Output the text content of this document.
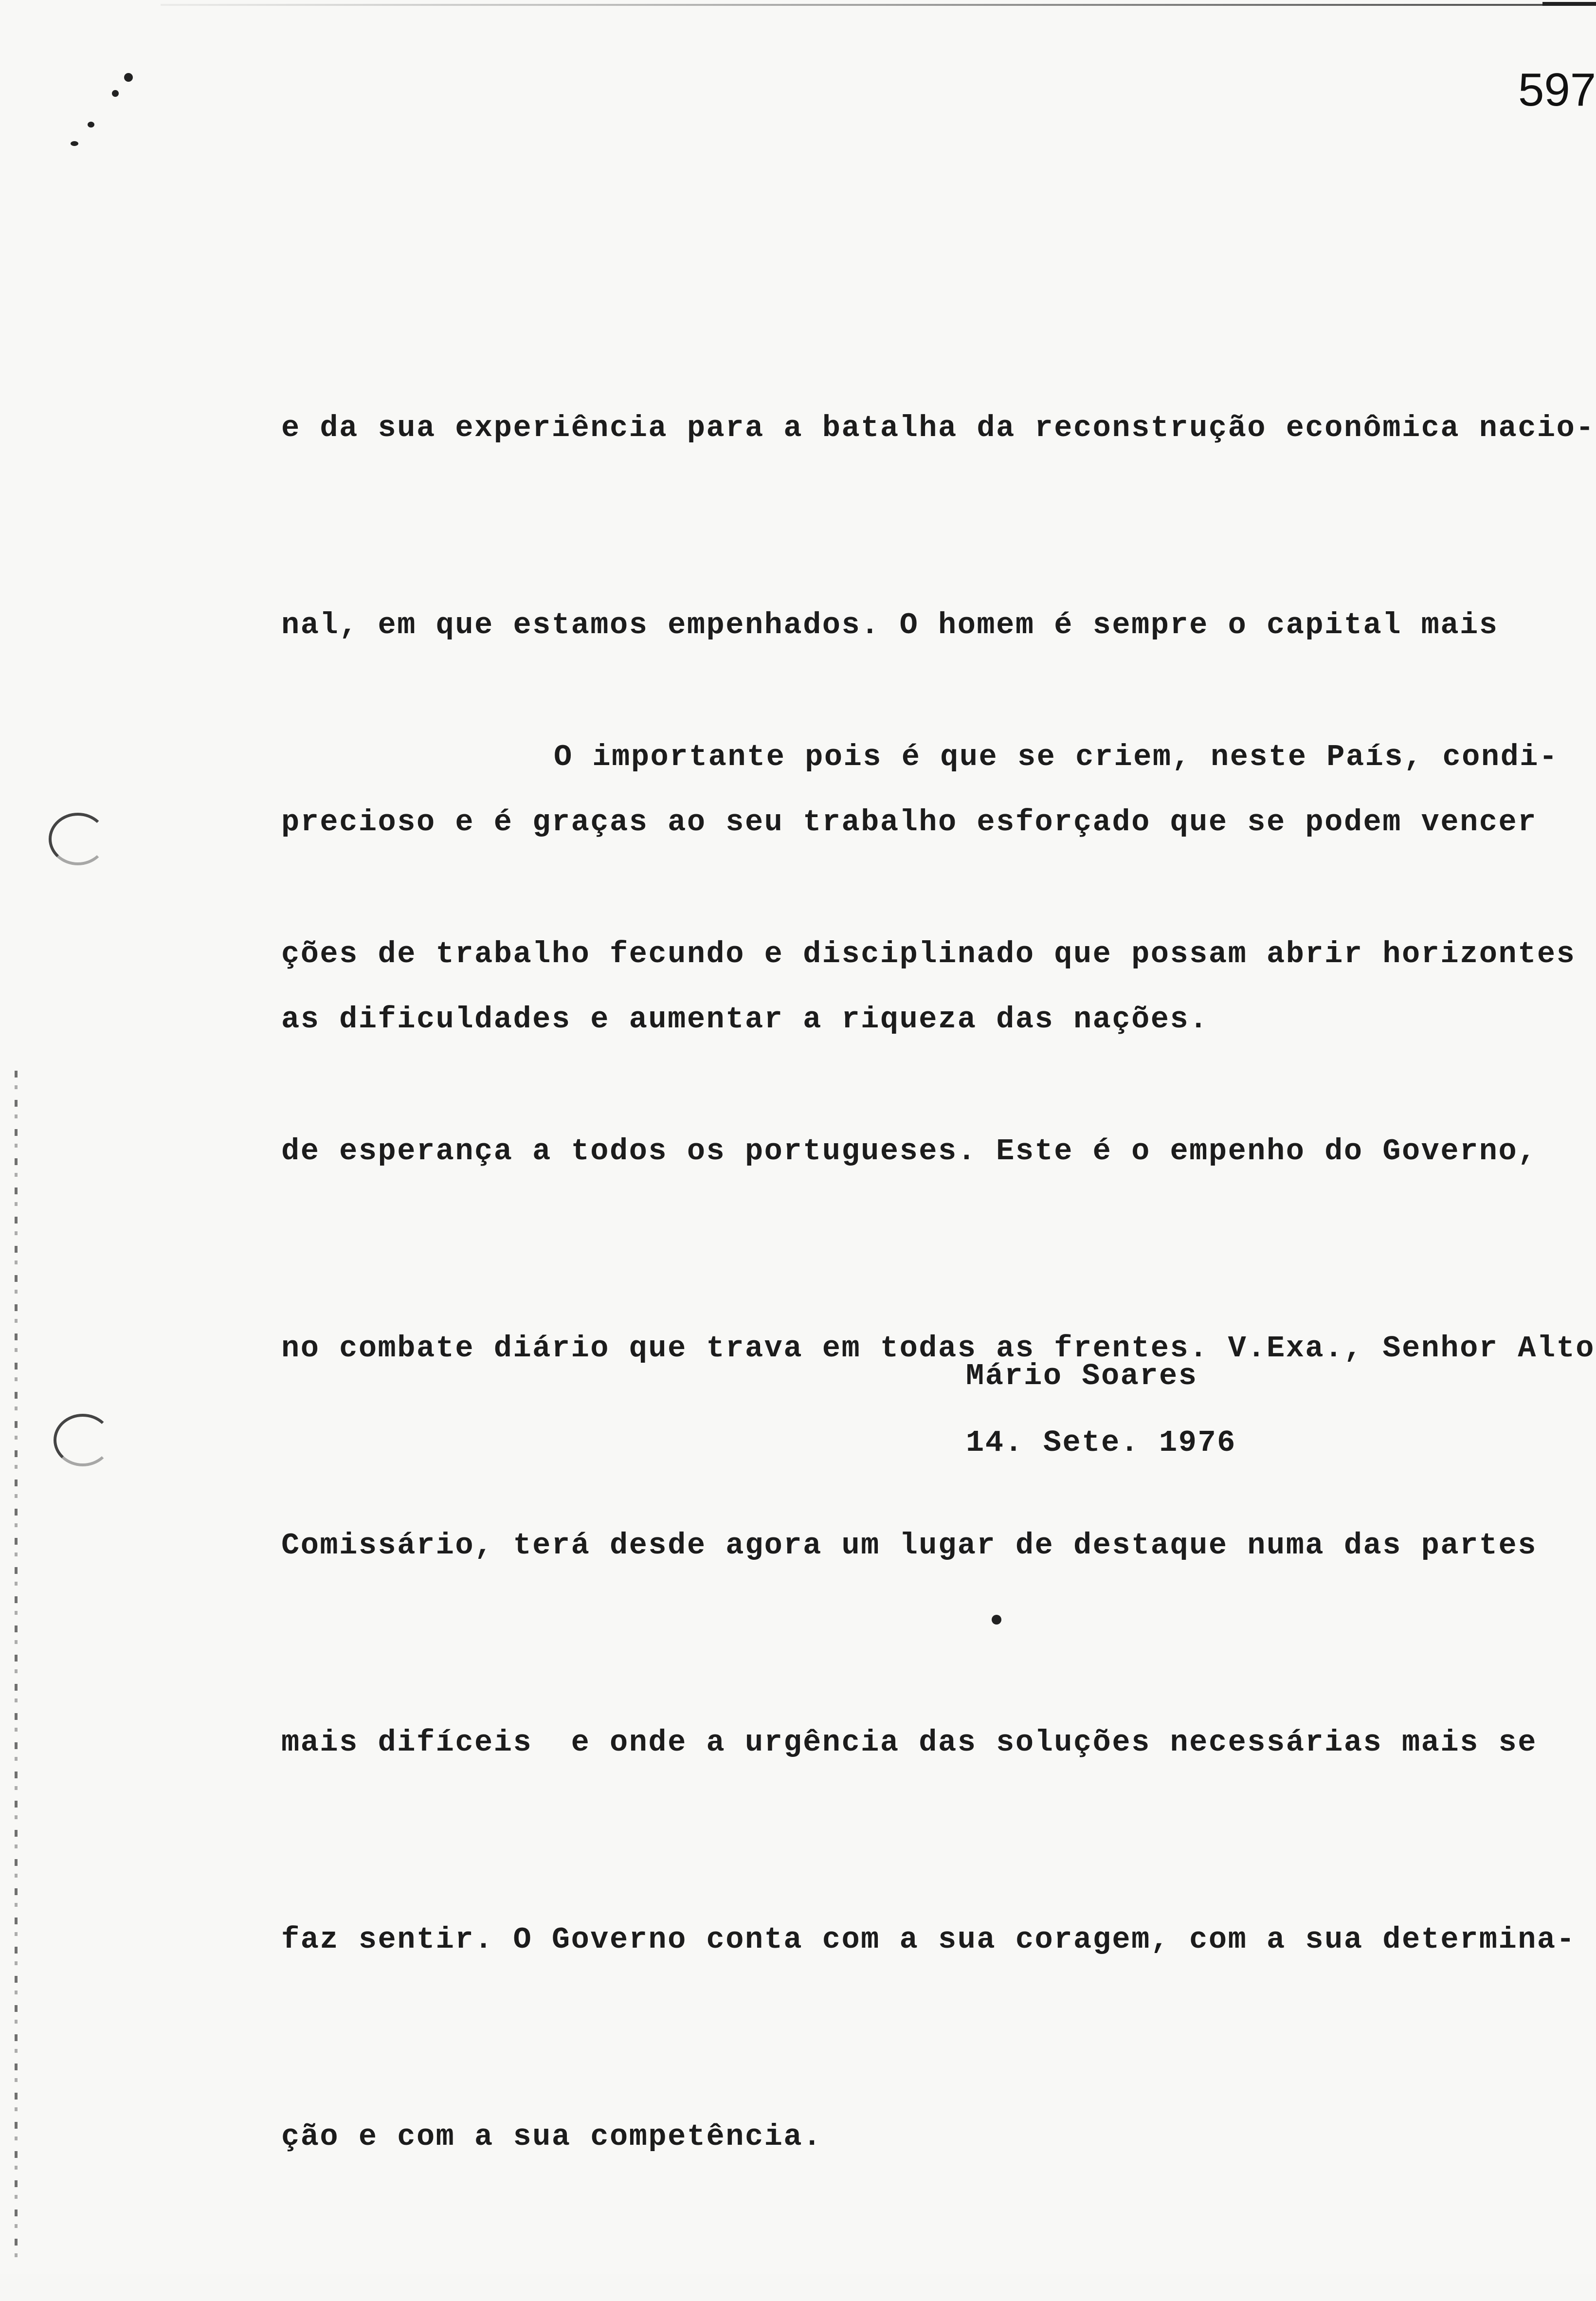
597

e da sua experiência para a batalha da reconstrução econômica nacio-

nal, em que estamos empenhados. O homem é sempre o capital mais

precioso e é graças ao seu trabalho esforçado que se podem vencer

as dificuldades e aumentar a riqueza das nações.

O importante pois é que se criem, neste País, condi-

ções de trabalho fecundo e disciplinado que possam abrir horizontes

de esperança a todos os portugueses. Este é o empenho do Governo,

no combate diário que trava em todas as frentes. V.Exa., Senhor Alto

Comissário, terá desde agora um lugar de destaque numa das partes

mais difíceis  e onde a urgência das soluções necessárias mais se

faz sentir. O Governo conta com a sua coragem, com a sua determina-

ção e com a sua competência.

Mário Soares
14. Sete. 1976
